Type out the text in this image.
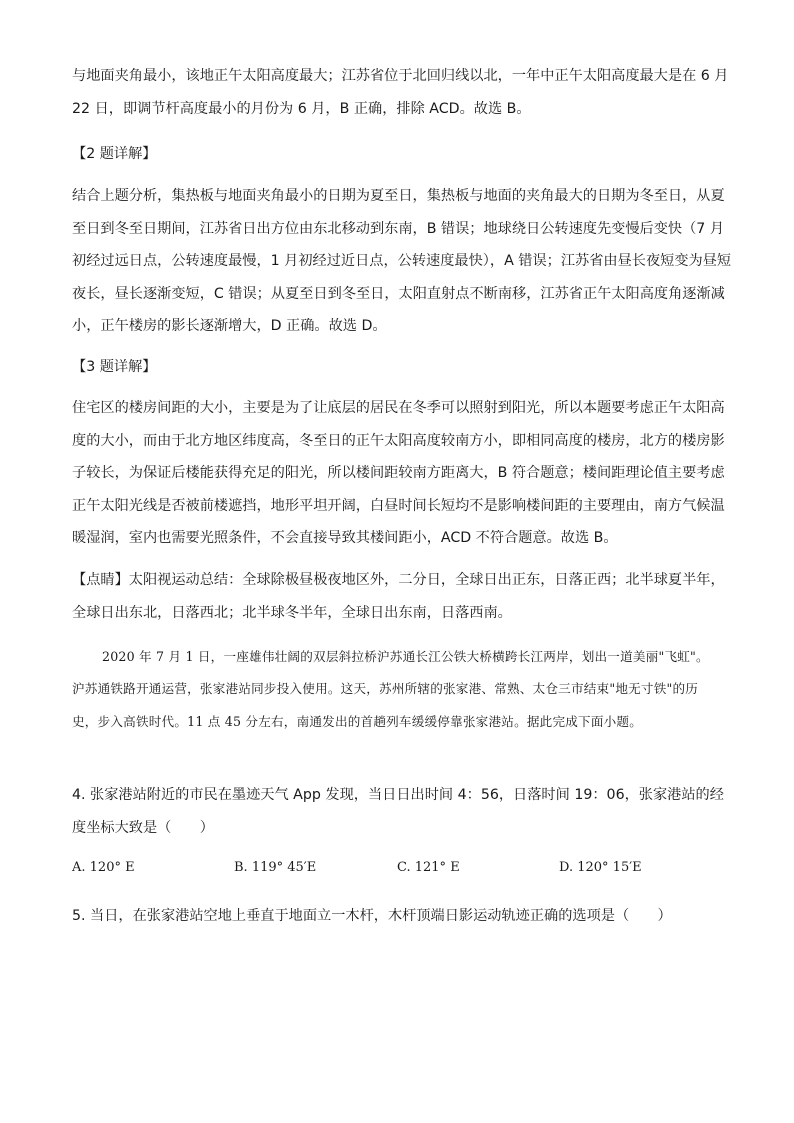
与地面夹角最小，该地正午太阳高度最大；江苏省位于北回归线以北，一年中正午太阳高度最大是在 6 月 22 日，即调节杆高度最小的月份为 6 月，B 正确，排除 ACD。故选 B。
【2 题详解】
结合上题分析，集热板与地面夹角最小的日期为夏至日，集热板与地面的夹角最大的日期为冬至日，从夏至日到冬至日期间，江苏省日出方位由东北移动到东南，B 错误；地球绕日公转速度先变慢后变快（7 月初经过远日点，公转速度最慢，1 月初经过近日点，公转速度最快），A 错误；江苏省由昼长夜短变为昼短夜长，昼长逐渐变短，C 错误；从夏至日到冬至日，太阳直射点不断南移，江苏省正午太阳高度角逐渐减小，正午楼房的影长逐渐增大，D 正确。故选 D。
【3 题详解】
住宅区的楼房间距的大小，主要是为了让底层的居民在冬季可以照射到阳光，所以本题要考虑正午太阳高度的大小，而由于北方地区纬度高，冬至日的正午太阳高度较南方小，即相同高度的楼房，北方的楼房影子较长，为保证后楼能获得充足的阳光，所以楼间距较南方距离大，B 符合题意；楼间距理论值主要考虑正午太阳光线是否被前楼遮挡，地形平坦开阔，白昼时间长短均不是影响楼间距的主要理由，南方气候温暖湿润，室内也需要光照条件，不会直接导致其楼间距小，ACD 不符合题意。故选 B。
【点睛】太阳视运动总结：全球除极昼极夜地区外，二分日，全球日出正东，日落正西；北半球夏半年，全球日出东北，日落西北；北半球冬半年，全球日出东南，日落西南。
2020 年 7 月 1 日，一座雄伟壮阔的双层斜拉桥沪苏通长江公铁大桥横跨长江两岸，划出一道美丽"飞虹"。沪苏通铁路开通运营，张家港站同步投入使用。这天，苏州所辖的张家港、常熟、太仓三市结束"地无寸铁"的历史，步入高铁时代。11 点 45 分左右，南通发出的首趟列车缓缓停靠张家港站。据此完成下面小题。
4. 张家港站附近的市民在墨迹天气 App 发现，当日日出时间 4：56，日落时间 19：06，张家港站的经度坐标大致是（　　）
A. 120° E	B. 119° 45′E	C. 121° E	D. 120° 15′E
5. 当日，在张家港站空地上垂直于地面立一木杆，木杆顶端日影运动轨迹正确的选项是（　　）
